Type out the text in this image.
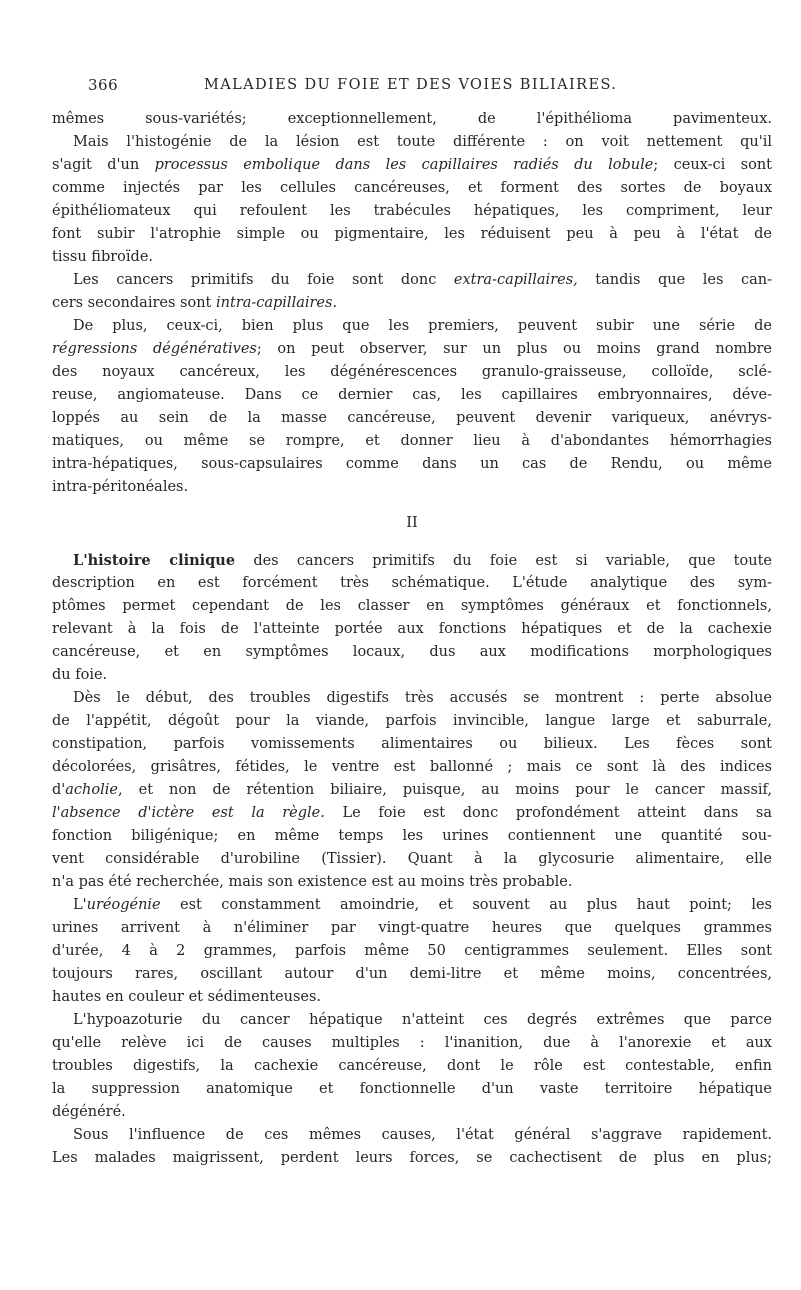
366	MALADIES DU FOIE ET DES VOIES BILIAIRES.
mêmes sous-variétés; exceptionnellement, de l'épithélioma pavimenteux.
Mais l'histogénie de la lésion est toute différente : on voit nettement qu'il
s'agit d'un processus embolique dans les capillaires radiés du lobule; ceux-ci sont
comme injectés par les cellules cancéreuses, et forment des sortes de boyaux
épithéliomateux qui refoulent les trabécules hépatiques, les compriment, leur
font subir l'atrophie simple ou pigmentaire, les réduisent peu à peu à l'état de
tissu fibroïde.
Les cancers primitifs du foie sont donc extra-capillaires, tandis que les can-
cers secondaires sont intra-capillaires.
De plus, ceux-ci, bien plus que les premiers, peuvent subir une série de
régressions dégénératives; on peut observer, sur un plus ou moins grand nombre
des noyaux cancéreux, les dégénérescences granulo-graisseuse, colloïde, sclé-
reuse, angiomateuse. Dans ce dernier cas, les capillaires embryonnaires, déve-
loppés au sein de la masse cancéreuse, peuvent devenir variqueux, anévrys-
matiques, ou même se rompre, et donner lieu à d'abondantes hémorrhagies
intra-hépatiques, sous-capsulaires comme dans un cas de Rendu, ou même
intra-péritonéales.
II
L'histoire clinique des cancers primitifs du foie est si variable, que toute
description en est forcément très schématique. L'étude analytique des sym-
ptômes permet cependant de les classer en symptômes généraux et fonctionnels,
relevant à la fois de l'atteinte portée aux fonctions hépatiques et de la cachexie
cancéreuse, et en symptômes locaux, dus aux modifications morphologiques
du foie.
Dès le début, des troubles digestifs très accusés se montrent : perte absolue
de l'appétit, dégoût pour la viande, parfois invincible, langue large et saburrale,
constipation, parfois vomissements alimentaires ou bilieux. Les fèces sont
décolorées, grisâtres, fétides, le ventre est ballonné ; mais ce sont là des indices
d'acholie, et non de rétention biliaire, puisque, au moins pour le cancer massif,
l'absence d'ictère est la règle. Le foie est donc profondément atteint dans sa
fonction biligénique; en même temps les urines contiennent une quantité sou-
vent considérable d'urobiline (Tissier). Quant à la glycosurie alimentaire, elle
n'a pas été recherchée, mais son existence est au moins très probable.
L'uréogénie est constamment amoindrie, et souvent au plus haut point; les
urines arrivent à n'éliminer par vingt-quatre heures que quelques grammes
d'urée, 4 à 2 grammes, parfois même 50 centigrammes seulement. Elles sont
toujours rares, oscillant autour d'un demi-litre et même moins, concentrées,
hautes en couleur et sédimenteuses.
L'hypoazoturie du cancer hépatique n'atteint ces degrés extrêmes que parce
qu'elle relève ici de causes multiples : l'inanition, due à l'anorexie et aux
troubles digestifs, la cachexie cancéreuse, dont le rôle est contestable, enfin
la suppression anatomique et fonctionnelle d'un vaste territoire hépatique
dégénéré.
Sous l'influence de ces mêmes causes, l'état général s'aggrave rapidement.
Les malades maigrissent, perdent leurs forces, se cachectisent de plus en plus;
